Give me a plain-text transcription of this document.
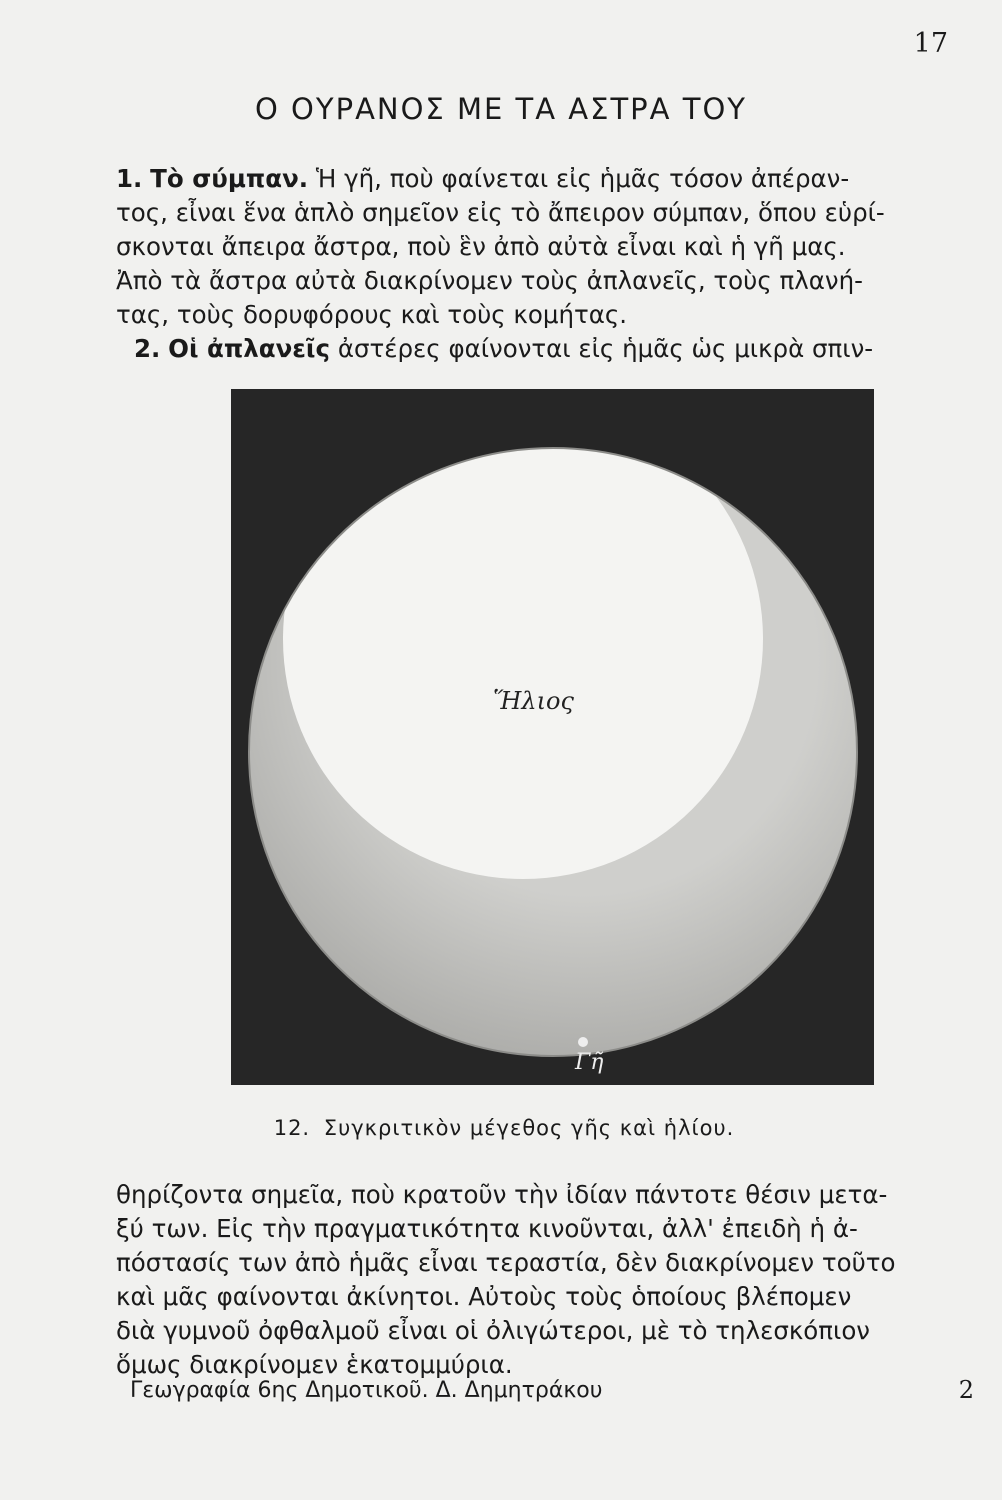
17
Ο ΟΥΡΑΝΟΣ ΜΕ ΤΑ ΑΣΤΡΑ ΤΟΥ
1. Τὸ σύμπαν. Ἡ γῆ, ποὺ φαίνεται εἰς ἡμᾶς τόσον ἀπέραν-
τος, εἶναι ἕνα ἁπλὸ σημεῖον εἰς τὸ ἄπειρον σύμπαν, ὅπου εὑρί-
σκονται ἄπειρα ἄστρα, ποὺ ἓν ἀπὸ αὐτὰ εἶναι καὶ ἡ γῆ μας.
Ἀπὸ τὰ ἄστρα αὐτὰ διακρίνομεν τοὺς ἀπλανεῖς, τοὺς πλανή-
τας, τοὺς δορυφόρους καὶ τοὺς κομήτας.
2. Οἱ ἀπλανεῖς ἀστέρες φαίνονται εἰς ἡμᾶς ὡς μικρὰ σπιν-
Ἥλιος
Γῆ
12. Συγκριτικὸν μέγεθος γῆς καὶ ἡλίου.
θηρίζοντα σημεῖα, ποὺ κρατοῦν τὴν ἰδίαν πάντοτε θέσιν μετα-
ξύ των. Εἰς τὴν πραγματικότητα κινοῦνται, ἀλλ' ἐπειδὴ ἡ ἀ-
πόστασίς των ἀπὸ ἡμᾶς εἶναι τεραστία, δὲν διακρίνομεν τοῦτο
καὶ μᾶς φαίνονται ἀκίνητοι. Αὐτοὺς τοὺς ὁποίους βλέπομεν
διὰ γυμνοῦ ὀφθαλμοῦ εἶναι οἱ ὀλιγώτεροι, μὲ τὸ τηλεσκόπιον
ὅμως διακρίνομεν ἑκατομμύρια.
Γεωγραφία 6ης Δημοτικοῦ. Δ. Δημητράκου	2
